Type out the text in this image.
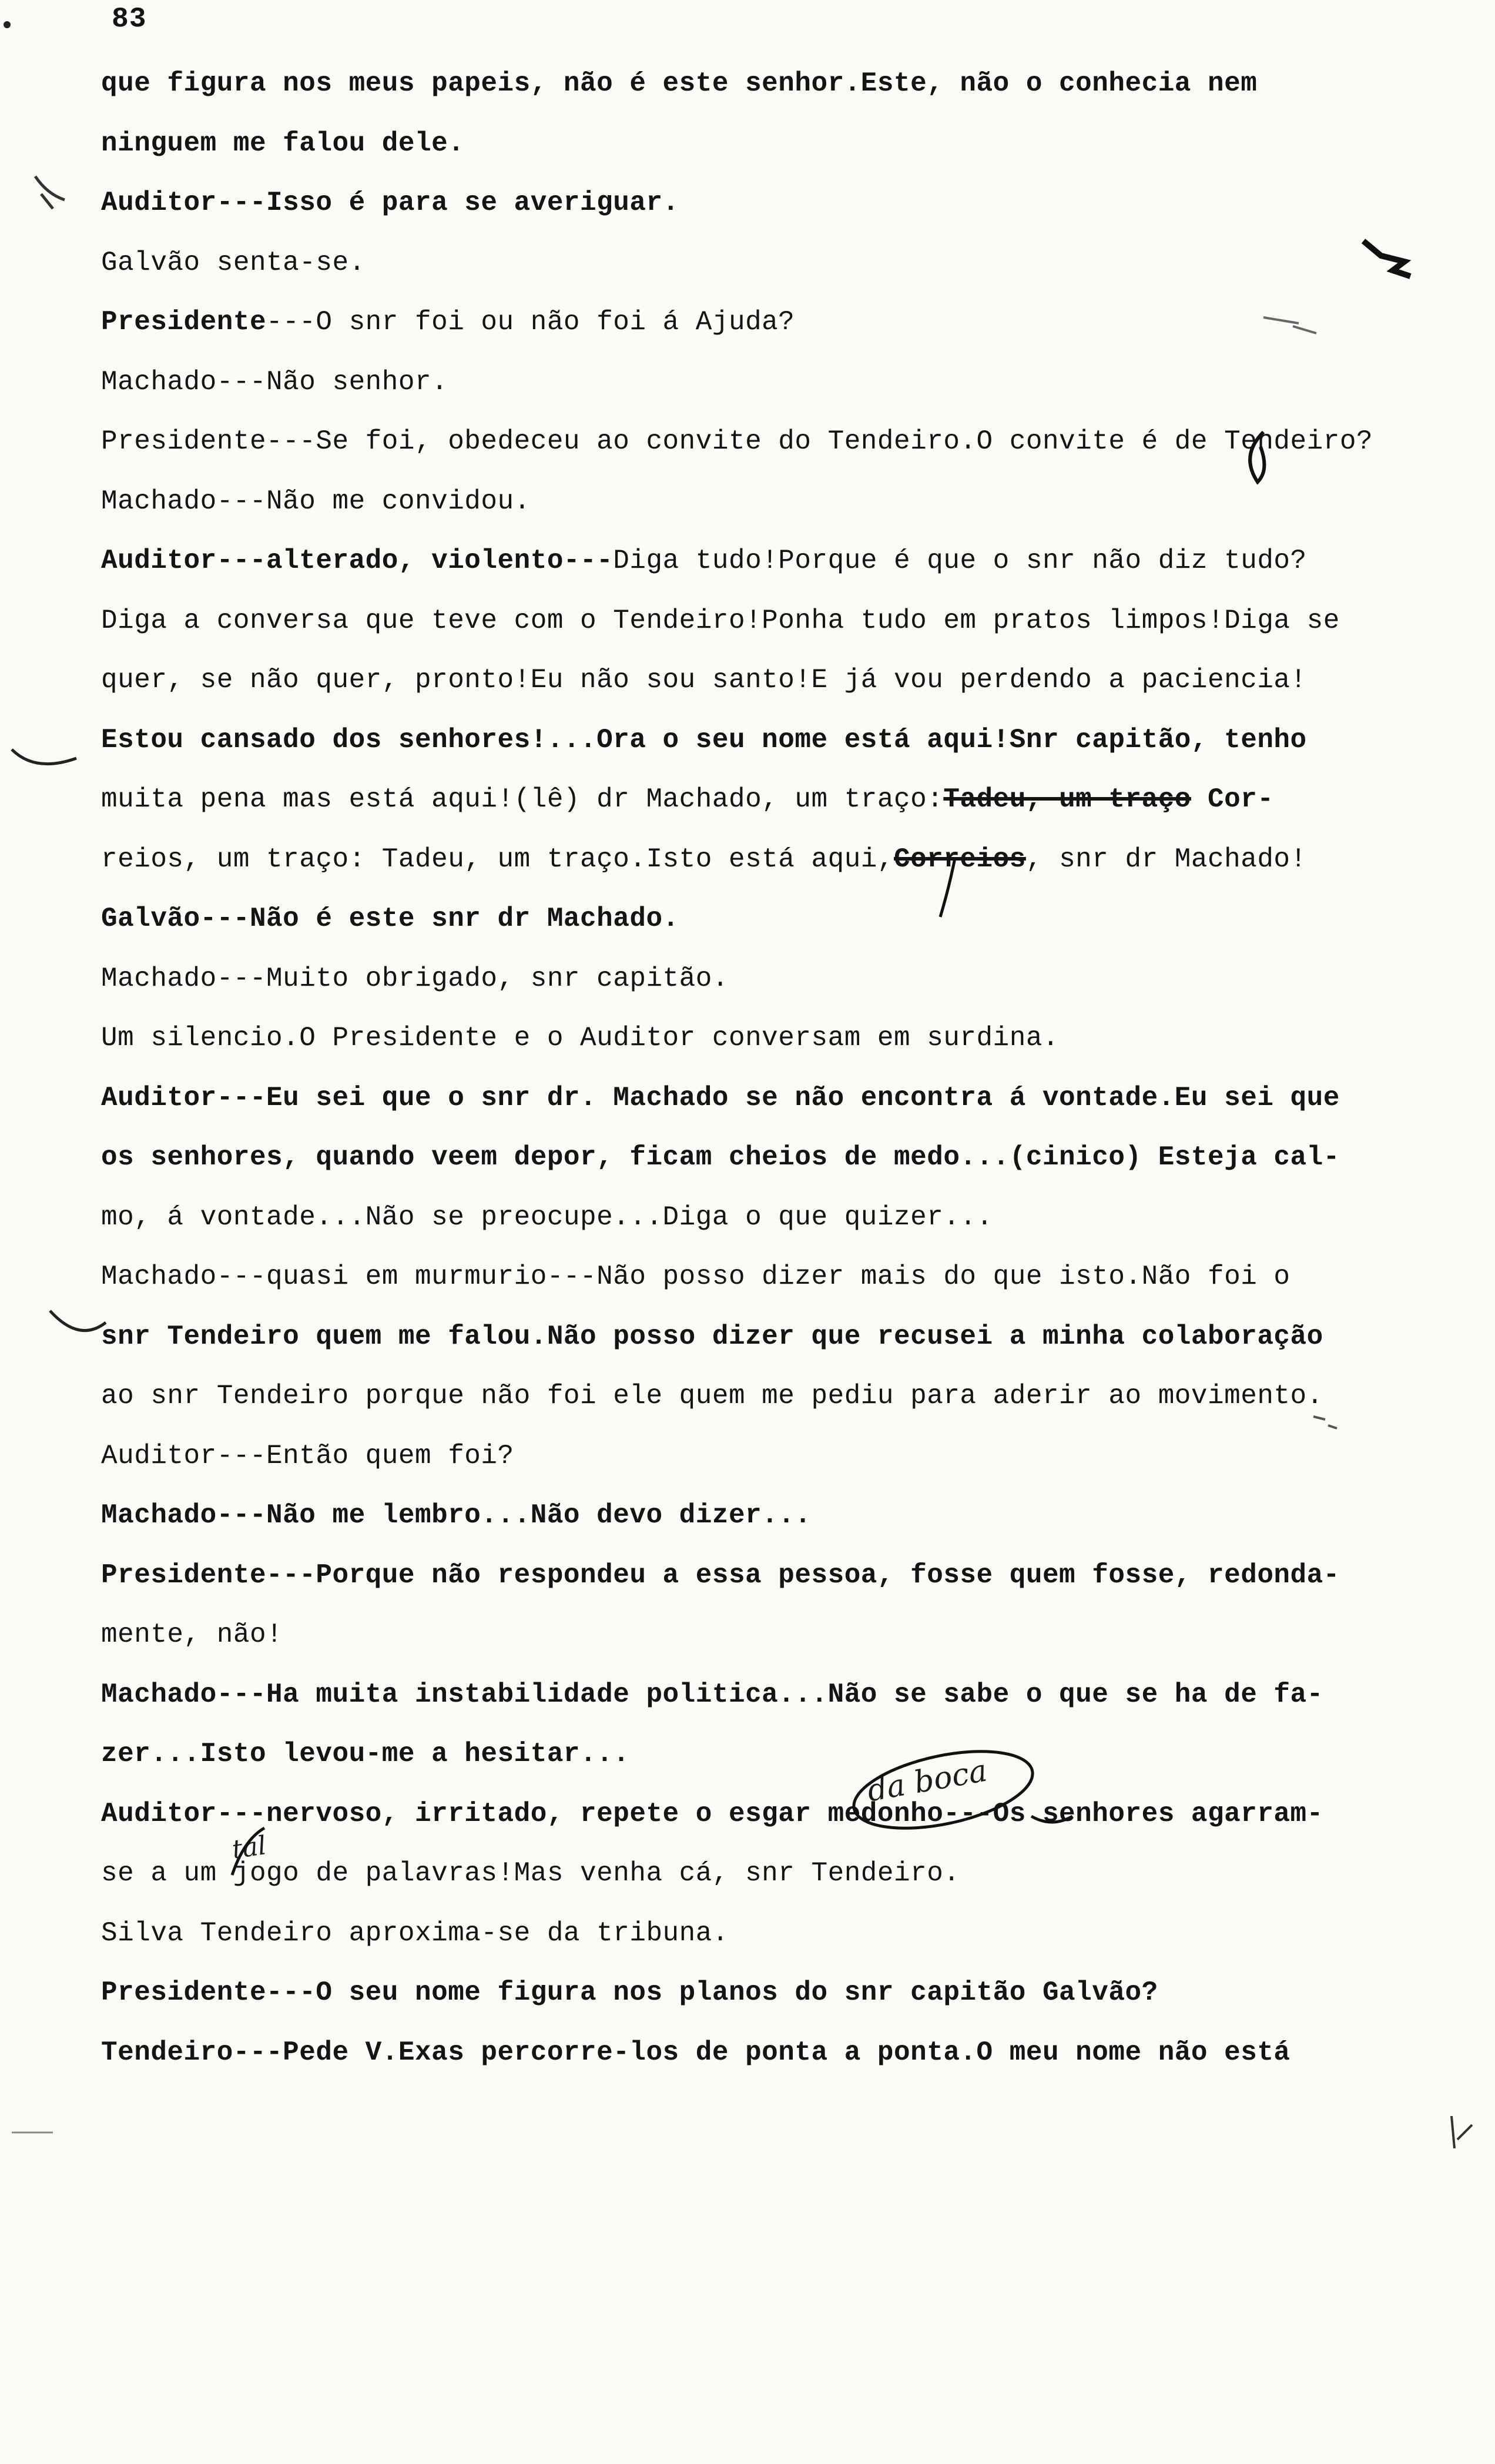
83
que figura nos meus papeis, não é este senhor.Este, não o conhecia nem
ninguem me falou dele.
Auditor---Isso é para se averiguar.
Galvão senta-se.
Presidente---O snr foi ou não foi á Ajuda?
Machado---Não senhor.
Presidente---Se foi, obedeceu ao convite do Tendeiro.O convite é de Tendeiro?
Machado---Não me convidou.
Auditor---alterado, violento---Diga tudo!Porque é que o snr não diz tudo?
Diga a conversa que teve com o Tendeiro!Ponha tudo em pratos limpos!Diga se
quer, se não quer, pronto!Eu não sou santo!E já vou perdendo a paciencia!
Estou cansado dos senhores!...Ora o seu nome está aqui!Snr capitão, tenho
muita pena mas está aqui!(lê) dr Machado, um traço:Tadeu, um traço Cor-
reios, um traço: Tadeu, um traço.Isto está aqui,Correios, snr dr Machado!
Galvão---Não é este snr dr Machado.
Machado---Muito obrigado, snr capitão.
Um silencio.O Presidente e o Auditor conversam em surdina.
Auditor---Eu sei que o snr dr. Machado se não encontra á vontade.Eu sei que
os senhores, quando veem depor, ficam cheios de medo...(cinico) Esteja cal-
mo, á vontade...Não se preocupe...Diga o que quizer...
Machado---quasi em murmurio---Não posso dizer mais do que isto.Não foi o
snr Tendeiro quem me falou.Não posso dizer que recusei a minha colaboração
ao snr Tendeiro porque não foi ele quem me pediu para aderir ao movimento.
Auditor---Então quem foi?
Machado---Não me lembro...Não devo dizer...
Presidente---Porque não respondeu a essa pessoa, fosse quem fosse, redonda-
mente, não!
Machado---Ha muita instabilidade politica...Não se sabe o que se ha de fa-
zer...Isto levou-me a hesitar...
Auditor---nervoso, irritado, repete o esgar medonho---Os senhores agarram-
se a um jogo de palavras!Mas venha cá, snr Tendeiro.
Silva Tendeiro aproxima-se da tribuna.
Presidente---O seu nome figura nos planos do snr capitão Galvão?
Tendeiro---Pede V.Exas percorre-los de ponta a ponta.O meu nome não está
da boca
tal
